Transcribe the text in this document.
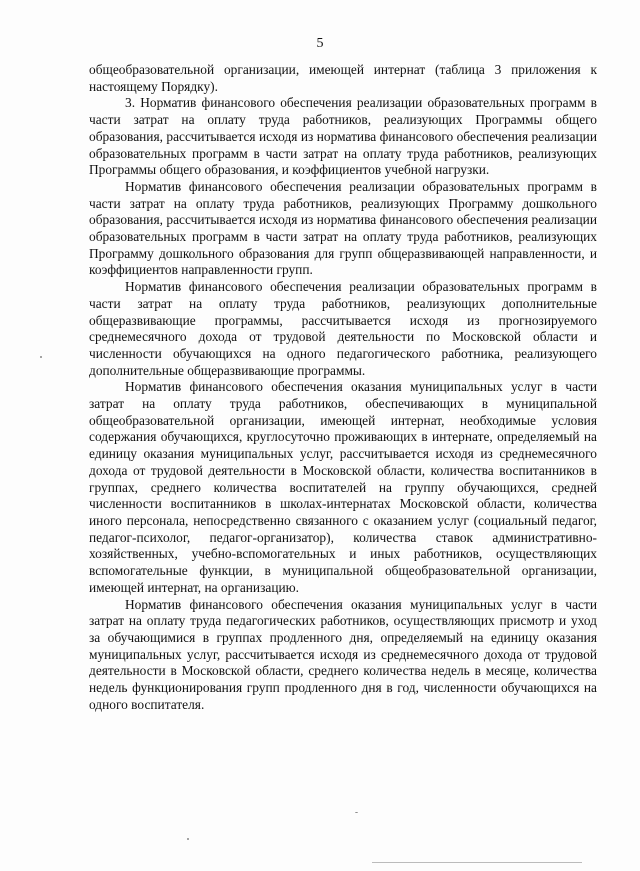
5

общеобразовательной организации, имеющей интернат (таблица 3 приложения к настоящему Порядку).

3. Норматив финансового обеспечения реализации образовательных программ в части затрат на оплату труда работников, реализующих Программы общего образования, рассчитывается исходя из норматива финансового обеспечения реализации образовательных программ в части затрат на оплату труда работников, реализующих Программы общего образования, и коэффициентов учебной нагрузки.

Норматив финансового обеспечения реализации образовательных программ в части затрат на оплату труда работников, реализующих Программу дошкольного образования, рассчитывается исходя из норматива финансового обеспечения реализации образовательных программ в части затрат на оплату труда работников, реализующих Программу дошкольного образования для групп общеразвивающей направленности, и коэффициентов направленности групп.

Норматив финансового обеспечения реализации образовательных программ в части затрат на оплату труда работников, реализующих дополнительные общеразвивающие программы, рассчитывается исходя из прогнозируемого среднемесячного дохода от трудовой деятельности по Московской области и численности обучающихся на одного педагогического работника, реализующего дополнительные общеразвивающие программы.

Норматив финансового обеспечения оказания муниципальных услуг в части затрат на оплату труда работников, обеспечивающих в муниципальной общеобразовательной организации, имеющей интернат, необходимые условия содержания обучающихся, круглосуточно проживающих в интернате, определяемый на единицу оказания муниципальных услуг, рассчитывается исходя из среднемесячного дохода от трудовой деятельности в Московской области, количества воспитанников в группах, среднего количества воспитателей на группу обучающихся, средней численности воспитанников в школах-интернатах Московской области, количества иного персонала, непосредственно связанного с оказанием услуг (социальный педагог, педагог-психолог, педагог-организатор), количества ставок административно-хозяйственных, учебно-вспомогательных и иных работников, осуществляющих вспомогательные функции, в муниципальной общеобразовательной организации, имеющей интернат, на организацию.

Норматив финансового обеспечения оказания муниципальных услуг в части затрат на оплату труда педагогических работников, осуществляющих присмотр и уход за обучающимися в группах продленного дня, определяемый на единицу оказания муниципальных услуг, рассчитывается исходя из среднемесячного дохода от трудовой деятельности в Московской области, среднего количества недель в месяце, количества недель функционирования групп продленного дня в год, численности обучающихся на одного воспитателя.
